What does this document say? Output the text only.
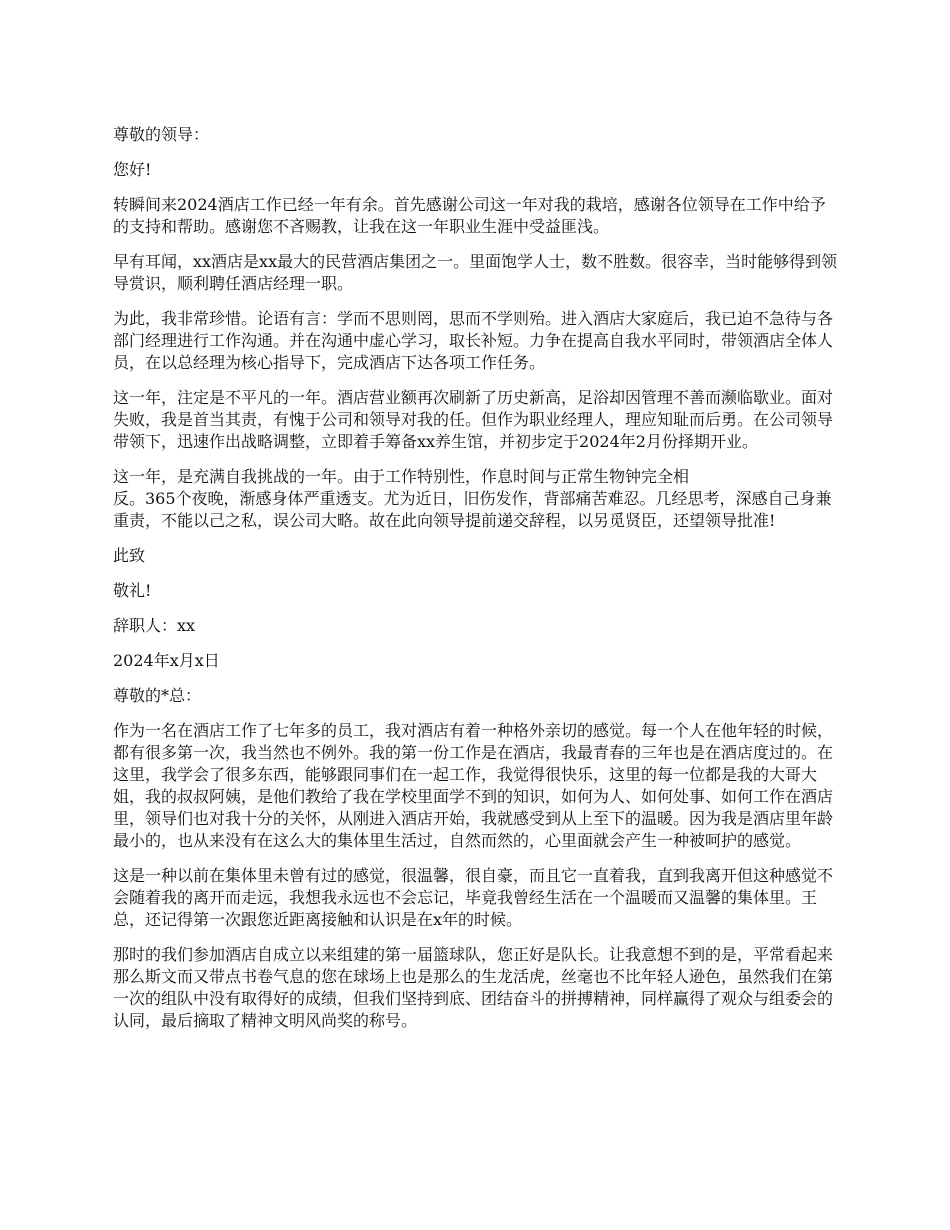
尊敬的领导：

您好!

转瞬间来2024酒店工作已经一年有余。首先感谢公司这一年对我的栽培，感谢各位领导在工作中给予的支持和帮助。感谢您不吝赐教，让我在这一年职业生涯中受益匪浅。

早有耳闻，xx酒店是xx最大的民营酒店集团之一。里面饱学人士，数不胜数。很容幸，当时能够得到领导赏识，顺利聘任酒店经理一职。

为此，我非常珍惜。论语有言：学而不思则罔，思而不学则殆。进入酒店大家庭后，我已迫不急待与各部门经理进行工作沟通。并在沟通中虚心学习，取长补短。力争在提高自我水平同时，带领酒店全体人员，在以总经理为核心指导下，完成酒店下达各项工作任务。

这一年，注定是不平凡的一年。酒店营业额再次刷新了历史新高，足浴却因管理不善而濒临歇业。面对失败，我是首当其责，有愧于公司和领导对我的任。但作为职业经理人，理应知耻而后勇。在公司领导带领下，迅速作出战略调整，立即着手筹备xx养生馆，并初步定于2024年2月份择期开业。

这一年，是充满自我挑战的一年。由于工作特别性，作息时间与正常生物钟完全相

反。365个夜晚，渐感身体严重透支。尤为近日，旧伤发作，背部痛苦难忍。几经思考，深感自己身兼重责，不能以己之私，误公司大略。故在此向领导提前递交辞程，以另觅贤臣，还望领导批准!

此致

敬礼!

辞职人：xx

2024年x月x日

尊敬的*总：

作为一名在酒店工作了七年多的员工，我对酒店有着一种格外亲切的感觉。每一个人在他年轻的时候，都有很多第一次，我当然也不例外。我的第一份工作是在酒店，我最青春的三年也是在酒店度过的。在这里，我学会了很多东西，能够跟同事们在一起工作，我觉得很快乐，这里的每一位都是我的大哥大姐，我的叔叔阿姨，是他们教给了我在学校里面学不到的知识，如何为人、如何处事、如何工作在酒店里，领导们也对我十分的关怀，从刚进入酒店开始，我就感受到从上至下的温暖。因为我是酒店里年龄最小的，也从来没有在这么大的集体里生活过，自然而然的，心里面就会产生一种被呵护的感觉。

这是一种以前在集体里未曾有过的感觉，很温馨，很自豪，而且它一直着我，直到我离开但这种感觉不会随着我的离开而走远，我想我永远也不会忘记，毕竟我曾经生活在一个温暖而又温馨的集体里。王总，还记得第一次跟您近距离接触和认识是在x年的时候。

那时的我们参加酒店自成立以来组建的第一届篮球队，您正好是队长。让我意想不到的是，平常看起来那么斯文而又带点书卷气息的您在球场上也是那么的生龙活虎，丝毫也不比年轻人逊色，虽然我们在第一次的组队中没有取得好的成绩，但我们坚持到底、团结奋斗的拼搏精神，同样赢得了观众与组委会的认同，最后摘取了精神文明风尚奖的称号。
